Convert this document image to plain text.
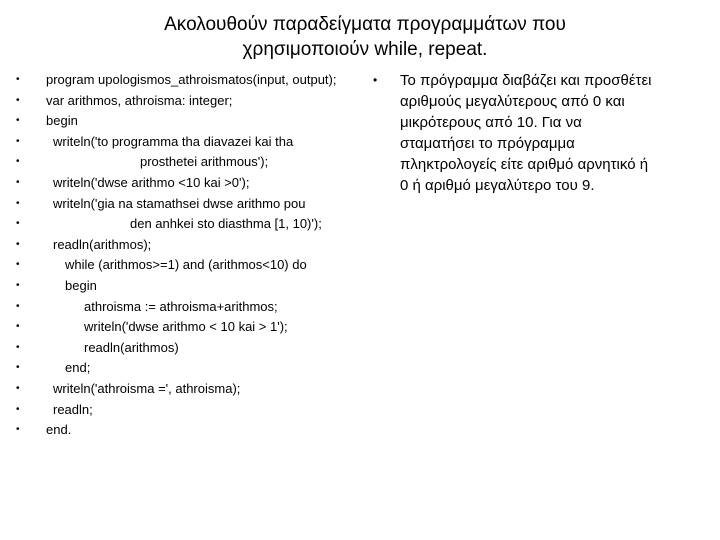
Ακολουθούν παραδείγματα προγραμμάτων που
χρησιμοποιούν while, repeat.
• program upologismos_athroismatos(input, output);
• var arithmos, athroisma: integer;
• begin
•	writeln('to programma tha diavazei kai tha
•	prosthetei arithmous');
•	writeln('dwse arithmo <10 kai >0');
•	writeln('gia na stamathsei dwse arithmo pou
•	den anhkei sto diasthma [1, 10)');
•	readln(arithmos);
•	while (arithmos>=1) and (arithmos<10) do
•	begin
•	athroisma := athroisma+arithmos;
•	writeln('dwse arithmo < 10 kai > 1');
•	readln(arithmos)
•	end;
•	writeln('athroisma =', athroisma);
•	readln;
• end.
• Το πρόγραμμα διαβάζει και προσθέτει
αριθμούς μεγαλύτερους από 0 και
μικρότερους από 10. Για να
σταματήσει το πρόγραμμα
πληκτρολογείς είτε αριθμό αρνητικό ή
0 ή αριθμό μεγαλύτερο του 9.
